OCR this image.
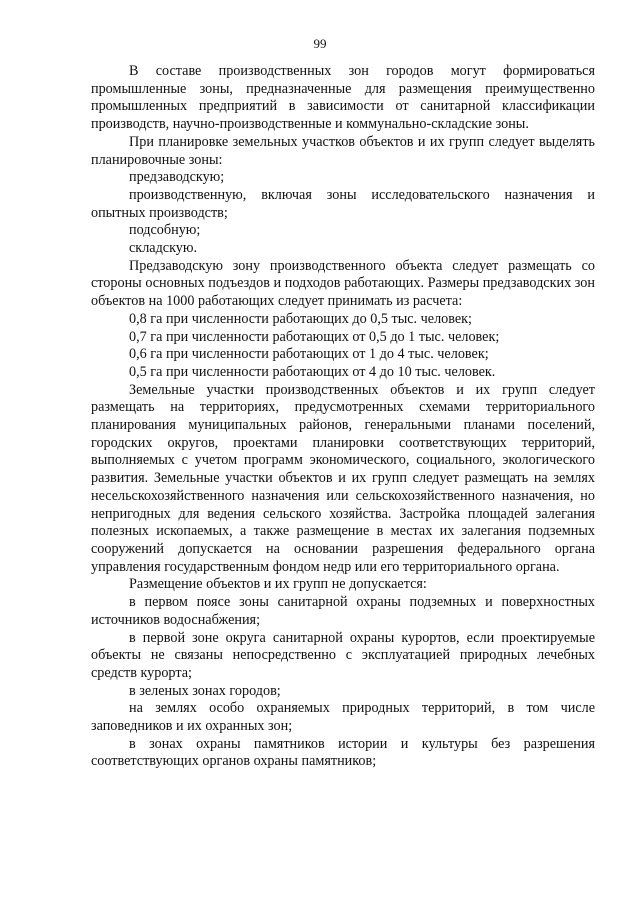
99

В составе производственных зон городов могут формироваться промышленные зоны, предназначенные для размещения преимущественно промышленных предприятий в зависимости от санитарной классификации производств, научно-производственные и коммунально-складские зоны.

При планировке земельных участков объектов и их групп следует выделять планировочные зоны:

предзаводскую;

производственную, включая зоны исследовательского назначения и опытных производств;

подсобную;

складскую.

Предзаводскую зону производственного объекта следует размещать со стороны основных подъездов и подходов работающих. Размеры предзаводских зон объектов на 1000 работающих следует принимать из расчета:

0,8 га при численности работающих до 0,5 тыс. человек;

0,7 га при численности работающих от 0,5 до 1 тыс. человек;

0,6 га при численности работающих от 1 до 4 тыс. человек;

0,5 га при численности работающих от 4 до 10 тыс. человек.

Земельные участки производственных объектов и их групп следует размещать на территориях, предусмотренных схемами территориального планирования муниципальных районов, генеральными планами поселений, городских округов, проектами планировки соответствующих территорий, выполняемых с учетом программ экономического, социального, экологического развития. Земельные участки объектов и их групп следует размещать на землях несельскохозяйственного назначения или сельскохозяйственного назначения, но непригодных для ведения сельского хозяйства. Застройка площадей залегания полезных ископаемых, а также размещение в местах их залегания подземных сооружений допускается на основании разрешения федерального органа управления государственным фондом недр или его территориального органа.

Размещение объектов и их групп не допускается:

в первом поясе зоны санитарной охраны подземных и поверхностных источников водоснабжения;

в первой зоне округа санитарной охраны курортов, если проектируемые объекты не связаны непосредственно с эксплуатацией природных лечебных средств курорта;

в зеленых зонах городов;

на землях особо охраняемых природных территорий, в том числе заповедников и их охранных зон;

в зонах охраны памятников истории и культуры без разрешения соответствующих органов охраны памятников;
